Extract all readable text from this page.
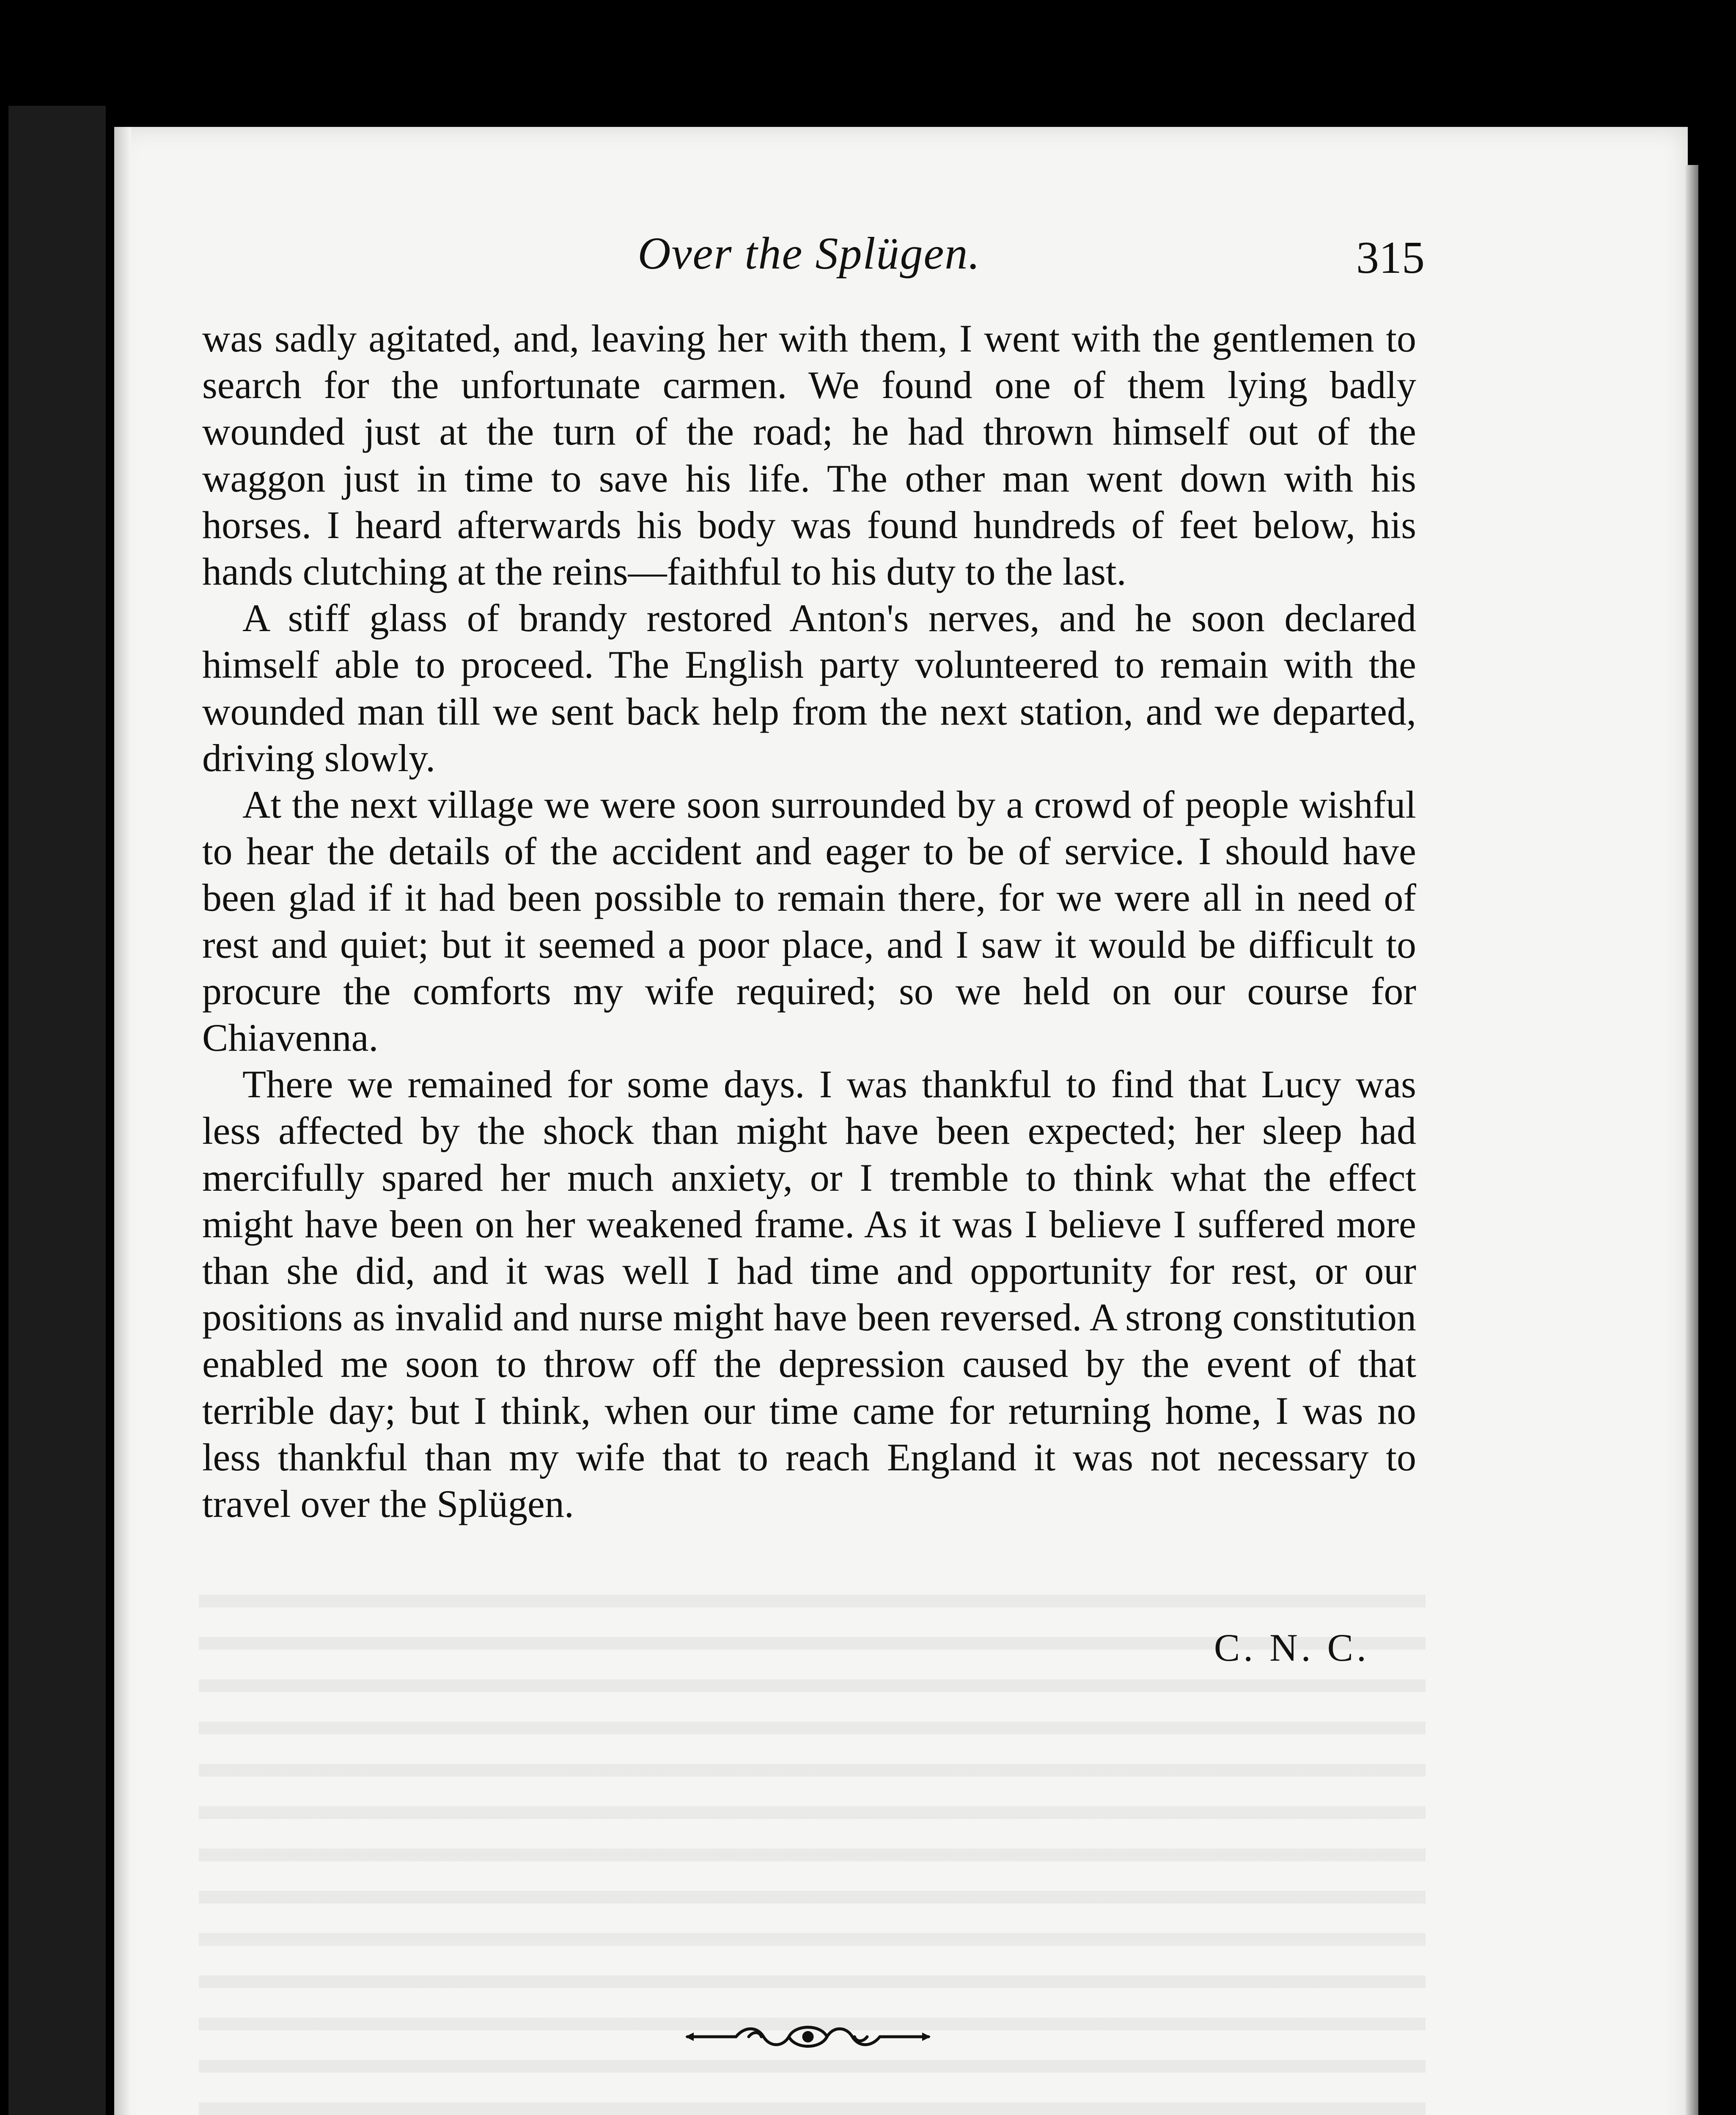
Over the Splügen.	315

was sadly agitated, and, leaving her with them, I went with the gentlemen to search for the unfortunate carmen. We found one of them lying badly wounded just at the turn of the road; he had thrown himself out of the waggon just in time to save his life. The other man went down with his horses. I heard afterwards his body was found hundreds of feet below, his hands clutching at the reins—faithful to his duty to the last.

A stiff glass of brandy restored Anton's nerves, and he soon declared himself able to proceed. The English party volunteered to remain with the wounded man till we sent back help from the next station, and we departed, driving slowly.

At the next village we were soon surrounded by a crowd of people wishful to hear the details of the accident and eager to be of service. I should have been glad if it had been possible to remain there, for we were all in need of rest and quiet; but it seemed a poor place, and I saw it would be difficult to procure the comforts my wife required; so we held on our course for Chiavenna.

There we remained for some days. I was thankful to find that Lucy was less affected by the shock than might have been expected; her sleep had mercifully spared her much anxiety, or I tremble to think what the effect might have been on her weakened frame. As it was I believe I suffered more than she did, and it was well I had time and opportunity for rest, or our positions as invalid and nurse might have been reversed. A strong constitution enabled me soon to throw off the depression caused by the event of that terrible day; but I think, when our time came for returning home, I was no less thankful than my wife that to reach England it was not necessary to travel over the Splügen.

C. N. C.
